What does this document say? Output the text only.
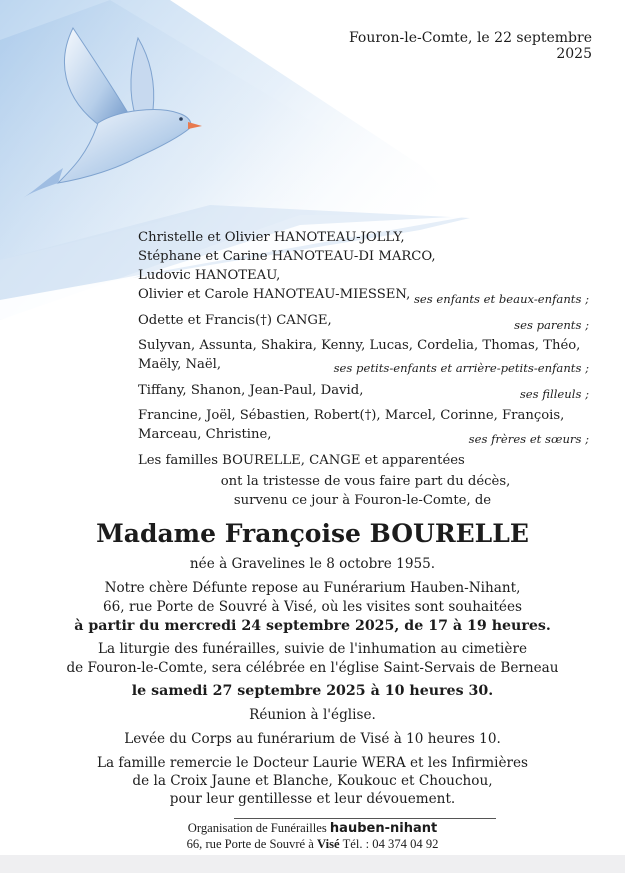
Fouron-le-Comte, le 22 septembre 2025
Christelle et Olivier HANOTEAU-JOLLY,
Stéphane et Carine HANOTEAU-DI MARCO,
Ludovic HANOTEAU,
Olivier et Carole HANOTEAU-MIESSEN, ses enfants et beaux-enfants ;
Odette et Francis(†) CANGE,	ses parents ;
Sulyvan, Assunta, Shakira, Kenny, Lucas, Cordelia, Thomas, Théo,
Maëly, Naël,	ses petits-enfants et arrière-petits-enfants ;
Tiffany, Shanon, Jean-Paul, David,	ses filleuls ;
Francine, Joël, Sébastien, Robert(†), Marcel, Corinne, François,
Marceau, Christine,	ses frères et sœurs ;
Les familles BOURELLE, CANGE et apparentées
ont la tristesse de vous faire part du décès,
survenu ce jour à Fouron-le-Comte, de
Madame Françoise BOURELLE
née à Gravelines le 8 octobre 1955.
Notre chère Défunte repose au Funérarium Hauben-Nihant,
66, rue Porte de Souvré à Visé, où les visites sont souhaitées
à partir du mercredi 24 septembre 2025, de 17 à 19 heures.
La liturgie des funérailles, suivie de l'inhumation au cimetière
de Fouron-le-Comte, sera célébrée en l'église Saint-Servais de Berneau
le samedi 27 septembre 2025 à 10 heures 30.
Réunion à l'église.
Levée du Corps au funérarium de Visé à 10 heures 10.
La famille remercie le Docteur Laurie WERA et les Infirmières
de la Croix Jaune et Blanche, Koukouc et Chouchou,
pour leur gentillesse et leur dévouement.
Organisation de Funérailles hauben-nihant
66, rue Porte de Souvré à Visé Tél. : 04 374 04 92
